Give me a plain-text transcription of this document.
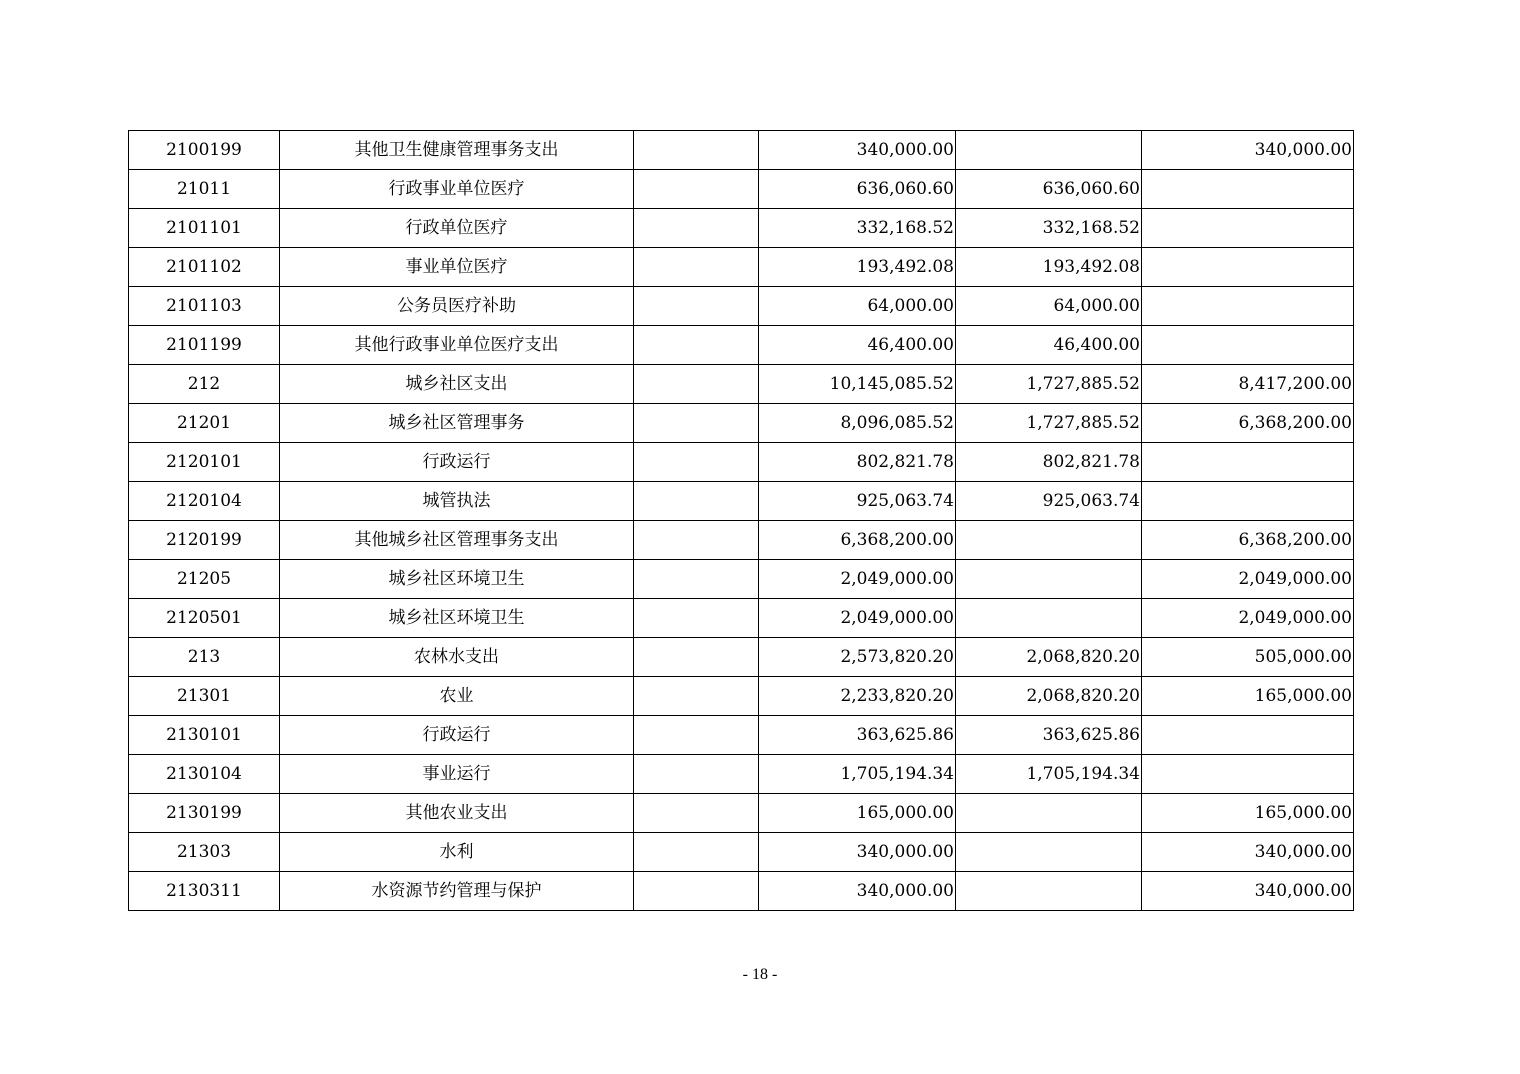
2100199	其他卫生健康管理事务支出		340,000.00		340,000.00
21011	行政事业单位医疗		636,060.60	636,060.60	
2101101	行政单位医疗		332,168.52	332,168.52	
2101102	事业单位医疗		193,492.08	193,492.08	
2101103	公务员医疗补助		64,000.00	64,000.00	
2101199	其他行政事业单位医疗支出		46,400.00	46,400.00	
212	城乡社区支出		10,145,085.52	1,727,885.52	8,417,200.00
21201	城乡社区管理事务		8,096,085.52	1,727,885.52	6,368,200.00
2120101	行政运行		802,821.78	802,821.78	
2120104	城管执法		925,063.74	925,063.74	
2120199	其他城乡社区管理事务支出		6,368,200.00		6,368,200.00
21205	城乡社区环境卫生		2,049,000.00		2,049,000.00
2120501	城乡社区环境卫生		2,049,000.00		2,049,000.00
213	农林水支出		2,573,820.20	2,068,820.20	505,000.00
21301	农业		2,233,820.20	2,068,820.20	165,000.00
2130101	行政运行		363,625.86	363,625.86	
2130104	事业运行		1,705,194.34	1,705,194.34	
2130199	其他农业支出		165,000.00		165,000.00
21303	水利		340,000.00		340,000.00
2130311	水资源节约管理与保护		340,000.00		340,000.00
- 18 -
